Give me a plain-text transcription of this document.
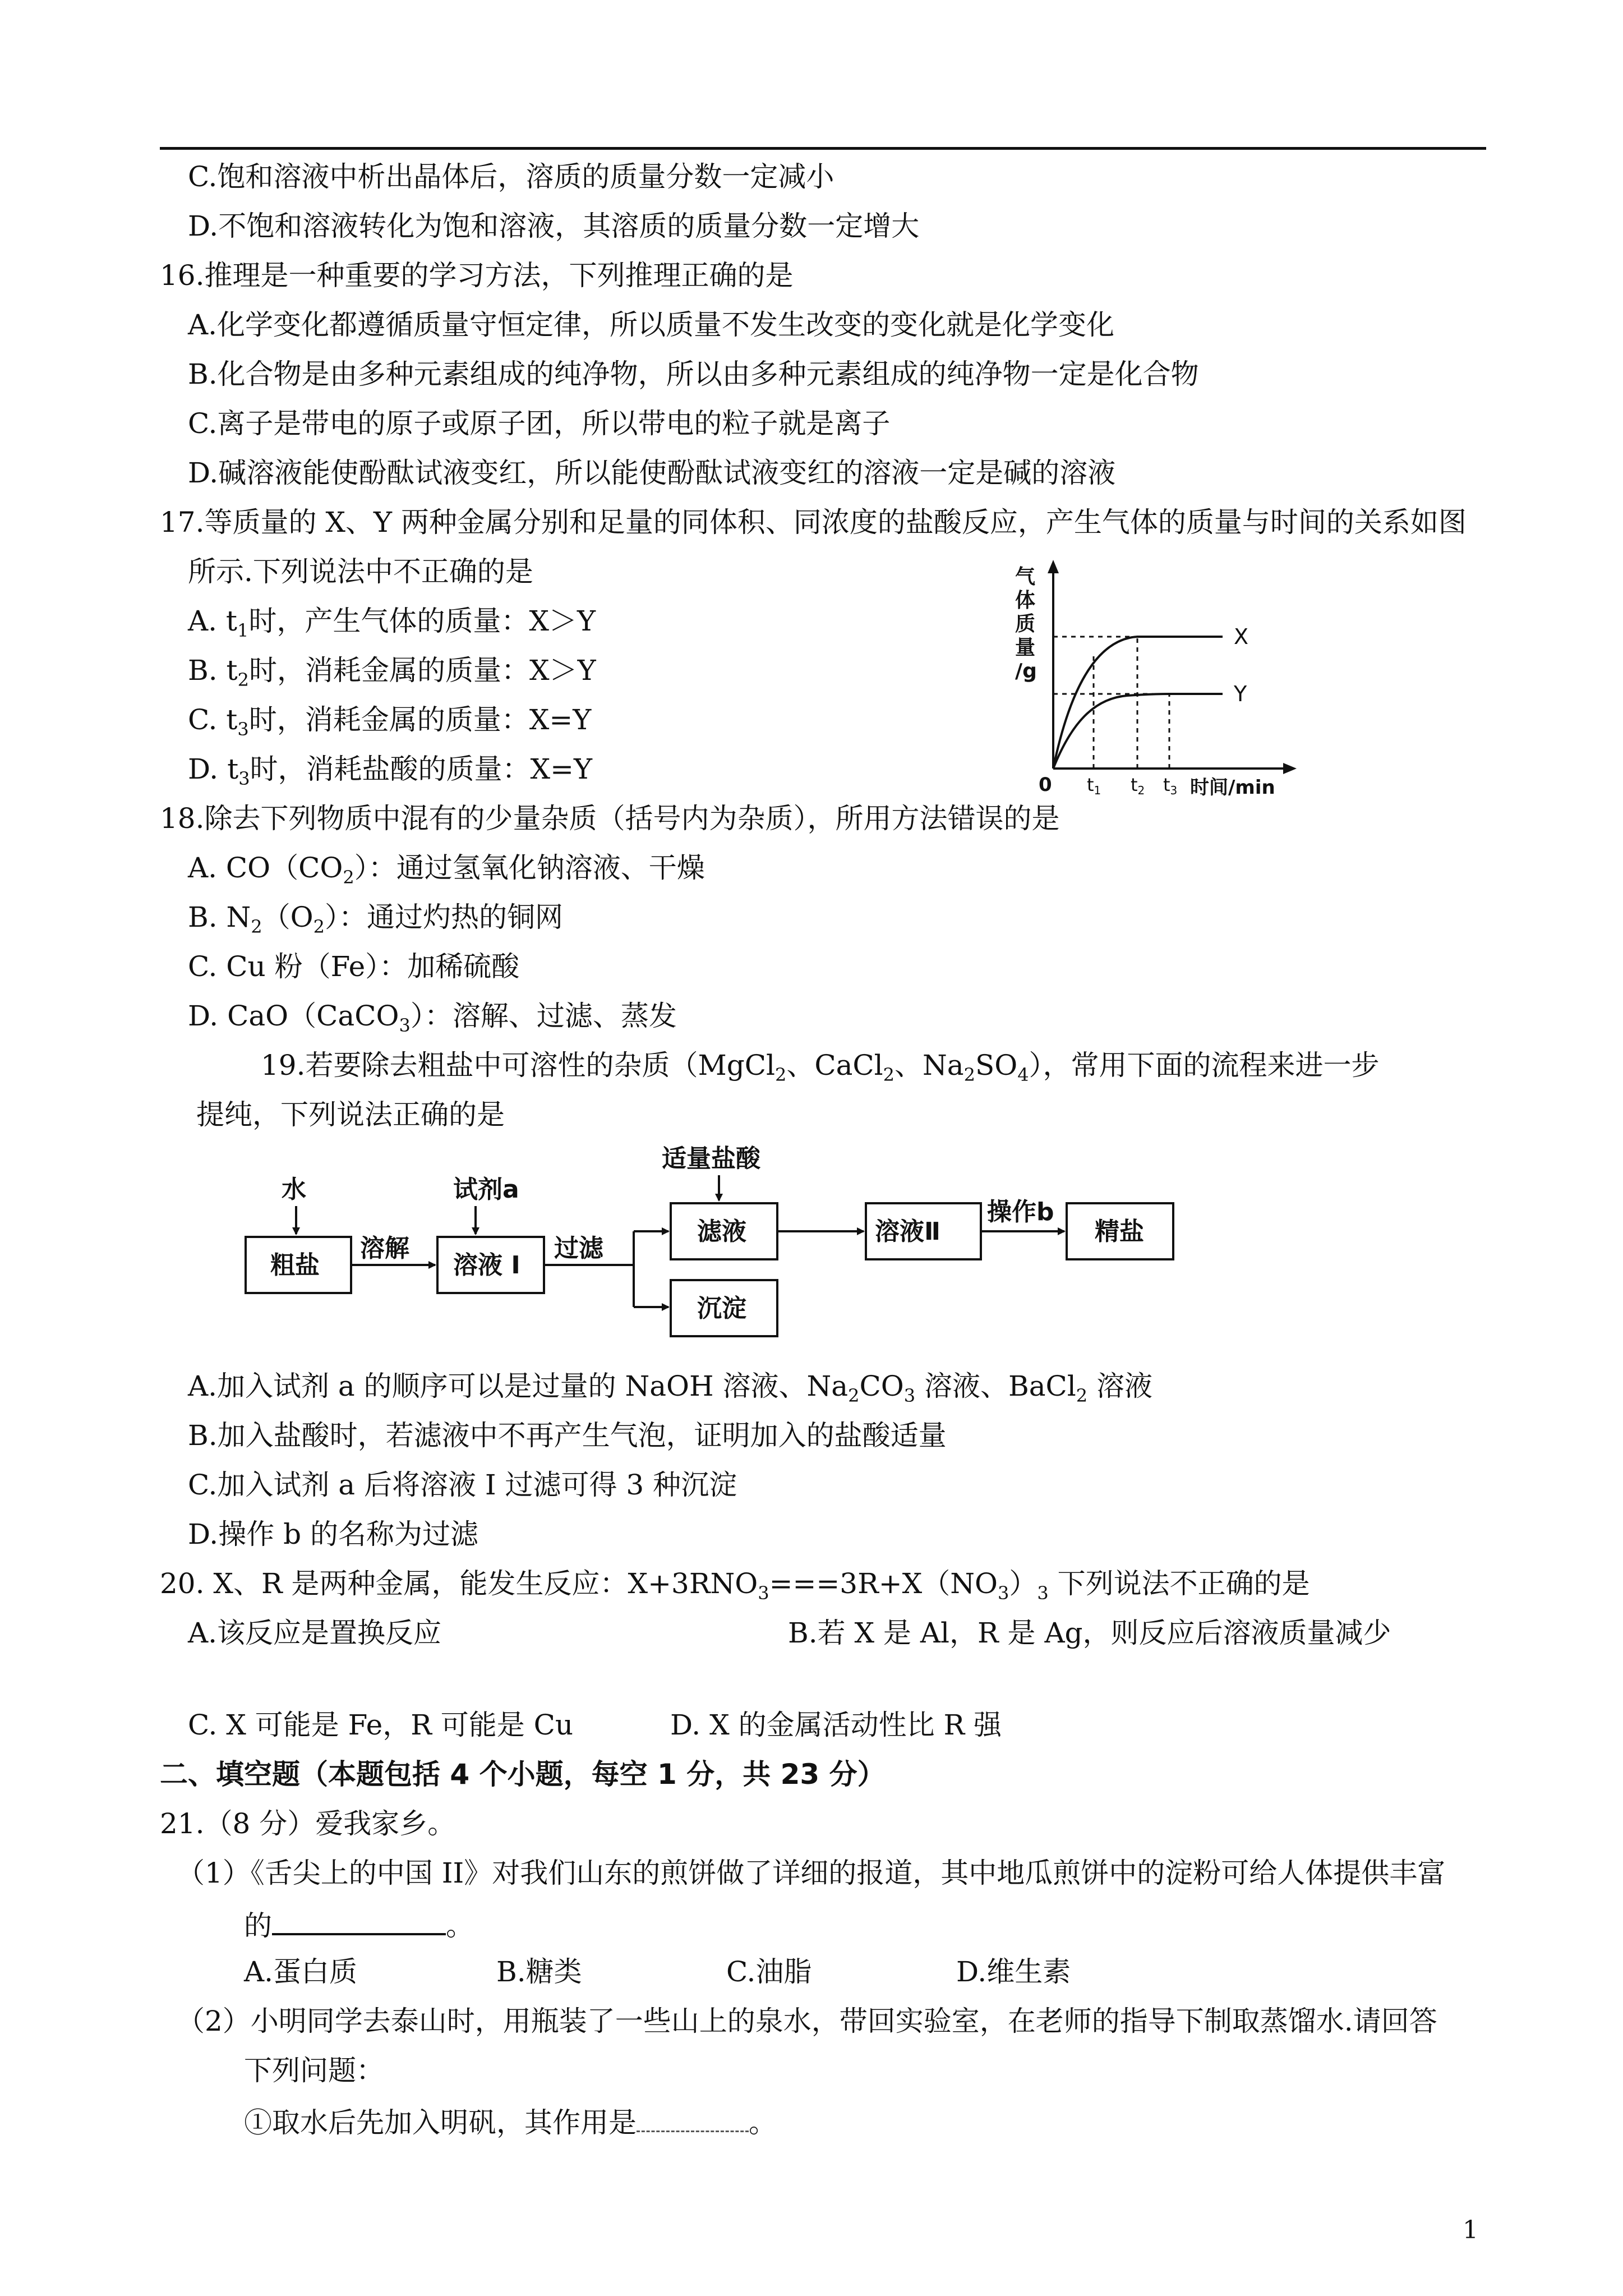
C.饱和溶液中析出晶体后，溶质的质量分数一定减小
D.不饱和溶液转化为饱和溶液，其溶质的质量分数一定增大
16.推理是一种重要的学习方法，下列推理正确的是
A.化学变化都遵循质量守恒定律，所以质量不发生改变的变化就是化学变化
B.化合物是由多种元素组成的纯净物，所以由多种元素组成的纯净物一定是化合物
C.离子是带电的原子或原子团，所以带电的粒子就是离子
D.碱溶液能使酚酞试液变红，所以能使酚酞试液变红的溶液一定是碱的溶液
17.等质量的 X、Y 两种金属分别和足量的同体积、同浓度的盐酸反应，产生气体的质量与时间的关系如图
所示.下列说法中不正确的是
A. $t_1$时，产生气体的质量：X＞Y
B. $t_2$时，消耗金属的质量：X＞Y
C. $t_3$时，消耗金属的质量：X=Y
D. $t_3$时，消耗盐酸的质量：X=Y
气
体
质
量
/g
X
Y
0 t1 t2 t3 时间/min
18.除去下列物质中混有的少量杂质（括号内为杂质），所用方法错误的是
A. $CO(CO_2)$：通过氢氧化钠溶液、干燥
B. $N_2(O_2)$：通过灼热的铜网
C. Cu 粉（Fe）：加稀硫酸
D. CaO（CaCO$_3$）：溶解、过滤、蒸发
19.若要除去粗盐中可溶性的杂质（MgCl$_2$、CaCl$_2$、$Na_2SO_4$），常用下面的流程来进一步
提纯，下列说法正确的是
水
粗盐
溶解
试剂a
溶液 I
过滤
适量盐酸
滤液
沉淀
溶液Ⅱ
操作b
精盐
A.加入试剂 a 的顺序可以是过量的 NaOH 溶液、$Na_2CO_3$ 溶液、BaCl$_2$ 溶液
B.加入盐酸时，若滤液中不再产生气泡，证明加入的盐酸适量
C.加入试剂 a 后将溶液 I 过滤可得 3 种沉淀
D.操作 b 的名称为过滤
20. X、R 是两种金属，能发生反应：$X+3RNO_3===3R+X(NO_3)_3$ 下列说法不正确的是
A.该反应是置换反应	B.若 X 是 Al，R 是 Ag，则反应后溶液质量减少
C. X 可能是 Fe，R 可能是 Cu	D. X 的金属活动性比 R 强
二、填空题（本题包括 4 个小题，每空 1 分，共 23 分）
21.（8 分）爱我家乡。
（1）《舌尖上的中国 II》对我们山东的煎饼做了详细的报道，其中地瓜煎饼中的淀粉可给人体提供丰富
的	。
A.蛋白质	B.糖类	C.油脂	D.维生素
（2）小明同学去泰山时，用瓶装了一些山上的泉水，带回实验室，在老师的指导下制取蒸馏水.请回答
下列问题：
①取水后先加入明矾，其作用是	。
1
